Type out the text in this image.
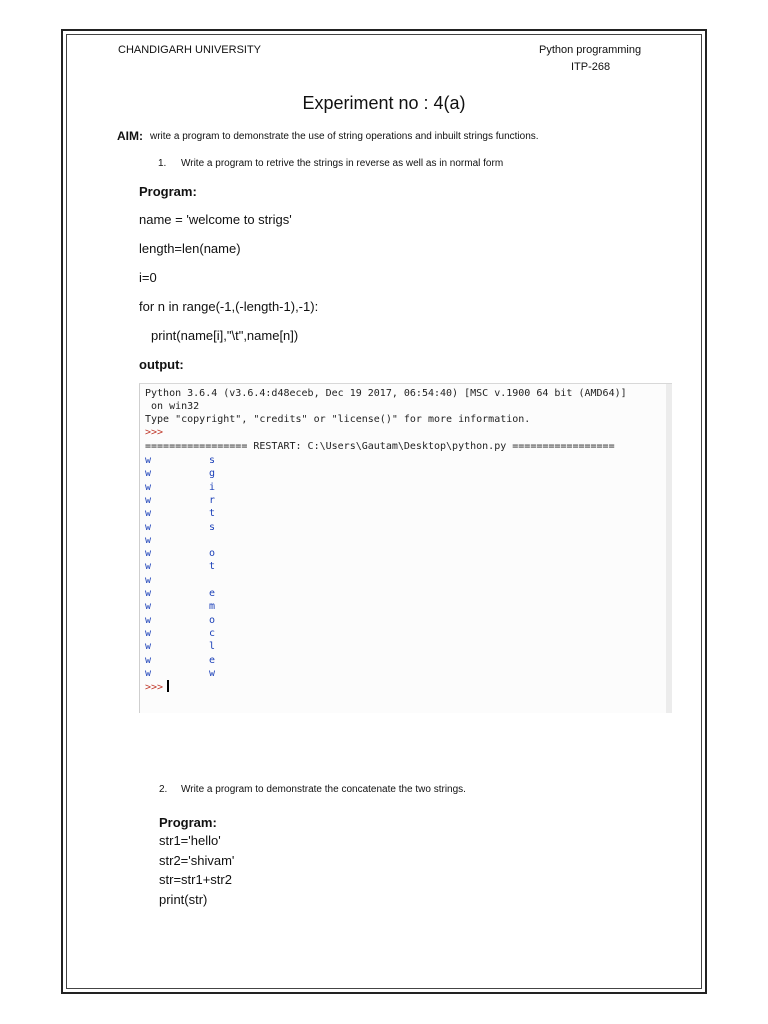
CHANDIGARH UNIVERSITY	Python programming
ITP-268
Experiment no : 4(a)
AIM: write a program to demonstrate the use of string operations and inbuilt strings functions.
1. Write a program to retrive the strings in reverse as well as in normal form
Program:
name = 'welcome to strigs'
length=len(name)
i=0
for n in range(-1,(-length-1),-1):
print(name[i],"\t",name[n])
output:
Python 3.6.4 (v3.6.4:d48eceb, Dec 19 2017, 06:54:40) [MSC v.1900 64 bit (AMD64)]
on win32
Type "copyright", "credits" or "license()" for more information.
>>>
================= RESTART: C:\Users\Gautam\Desktop\python.py =================
w	s
w	g
w	i
w	r
w	t
w	s
w
w	o
w	t
w
w	e
w	m
w	o
w	c
w	l
w	e
w	w
>>>
2. Write a program to demonstrate the concatenate the two strings.
Program:
str1='hello'
str2='shivam'
str=str1+str2
print(str)
